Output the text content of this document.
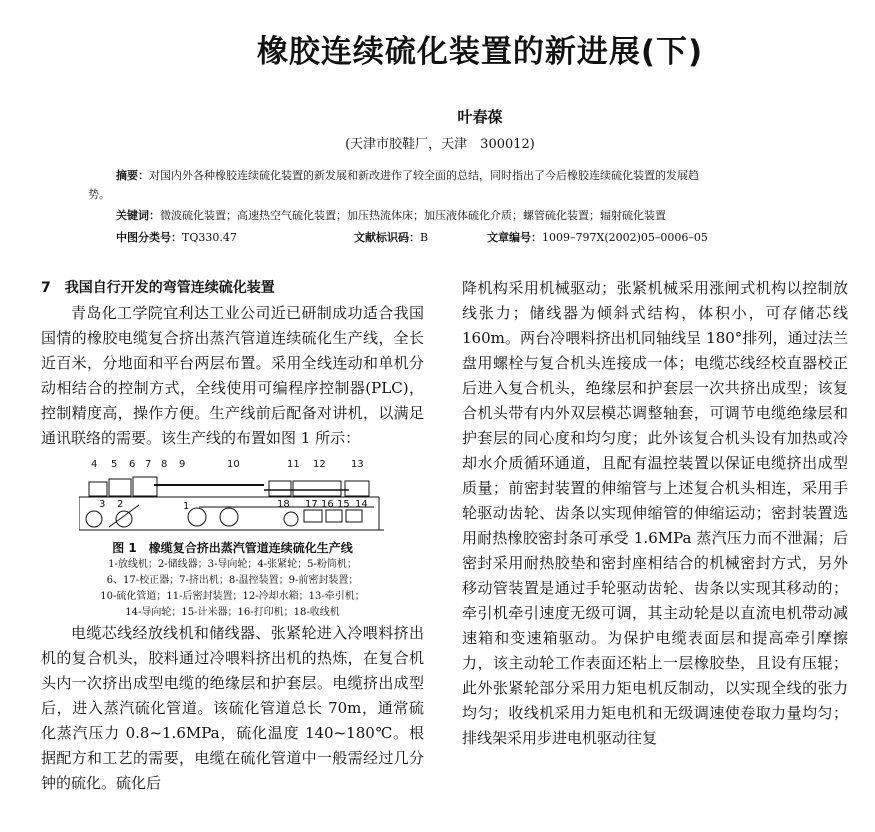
橡胶连续硫化装置的新进展(下)
叶春葆
(天津市胶鞋厂，天津　300012)
摘要：对国内外各种橡胶连续硫化装置的新发展和新改进作了较全面的总结，同时指出了今后橡胶连续硫化装置的发展趋
势。
关键词：微波硫化装置；高速热空气硫化装置；加压热流体床；加压液体硫化介质；螺管硫化装置；辐射硫化装置
中图分类号：TQ330.47	文献标识码：B	文章编号：1009–797X(2002)05–0006–05
7　我国自行开发的弯管连续硫化装置

青岛化工学院宜利达工业公司近已研制成功适合我国国情的橡胶电缆复合挤出蒸汽管道连续硫化生产线，全长近百米，分地面和平台两层布置。采用全线连动和单机分动相结合的控制方式，全线使用可编程序控制器(PLC)，控制精度高，操作方便。生产线前后配备对讲机，以满足通讯联络的需要。该生产线的布置如图 1 所示：

4 5 6 7 8 9	10	11 12	13
3 2	1	18 17 16 15 14
图 1　橡缆复合挤出蒸汽管道连续硫化生产线
1-放线机；2-储线器；3-导向轮；4-张紧轮；5-粉筒机；
6、17-校正器；7-挤出机；8-温控装置；9-前密封装置；
10-硫化管道；11-后密封装置；12-冷却水箱；13-牵引机；
14-导向轮；15-计米器；16-打印机；18-收线机

电缆芯线经放线机和储线器、张紧轮进入冷喂料挤出机的复合机头，胶料通过冷喂料挤出机的热炼，在复合机头内一次挤出成型电缆的绝缘层和护套层。电缆挤出成型后，进入蒸汽硫化管道。该硫化管道总长 70m，通常硫化蒸汽压力 0.8~1.6MPa，硫化温度 140~180℃。根据配方和工艺的需要，电缆在硫化管道中一般需经过几分钟的硫化。硫化后

降机构采用机械驱动；张紧机械采用涨闸式机构以控制放线张力；储线器为倾斜式结构，体积小，可存储芯线 160m。两台冷喂料挤出机同轴线呈 180°排列，通过法兰盘用螺栓与复合机头连接成一体；电缆芯线经校直器校正后进入复合机头，绝缘层和护套层一次共挤出成型；该复合机头带有内外双层模芯调整轴套，可调节电缆绝缘层和护套层的同心度和均匀度；此外该复合机头设有加热或冷却水介质循环通道，且配有温控装置以保证电缆挤出成型质量；前密封装置的伸缩管与上述复合机头相连，采用手轮驱动齿轮、齿条以实现伸缩管的伸缩运动；密封装置选用耐热橡胶密封条可承受 1.6MPa 蒸汽压力而不泄漏；后密封采用耐热胶垫和密封座相结合的机械密封方式，另外移动管装置是通过手轮驱动齿轮、齿条以实现其移动的；牵引机牵引速度无级可调，其主动轮是以直流电机带动减速箱和变速箱驱动。为保护电缆表面层和提高牵引摩擦力，该主动轮工作表面还粘上一层橡胶垫，且设有压辊；此外张紧轮部分采用力矩电机反制动，以实现全线的张力均匀；收线机采用力矩电机和无级调速使卷取力量均匀；排线架采用步进电机驱动往复
